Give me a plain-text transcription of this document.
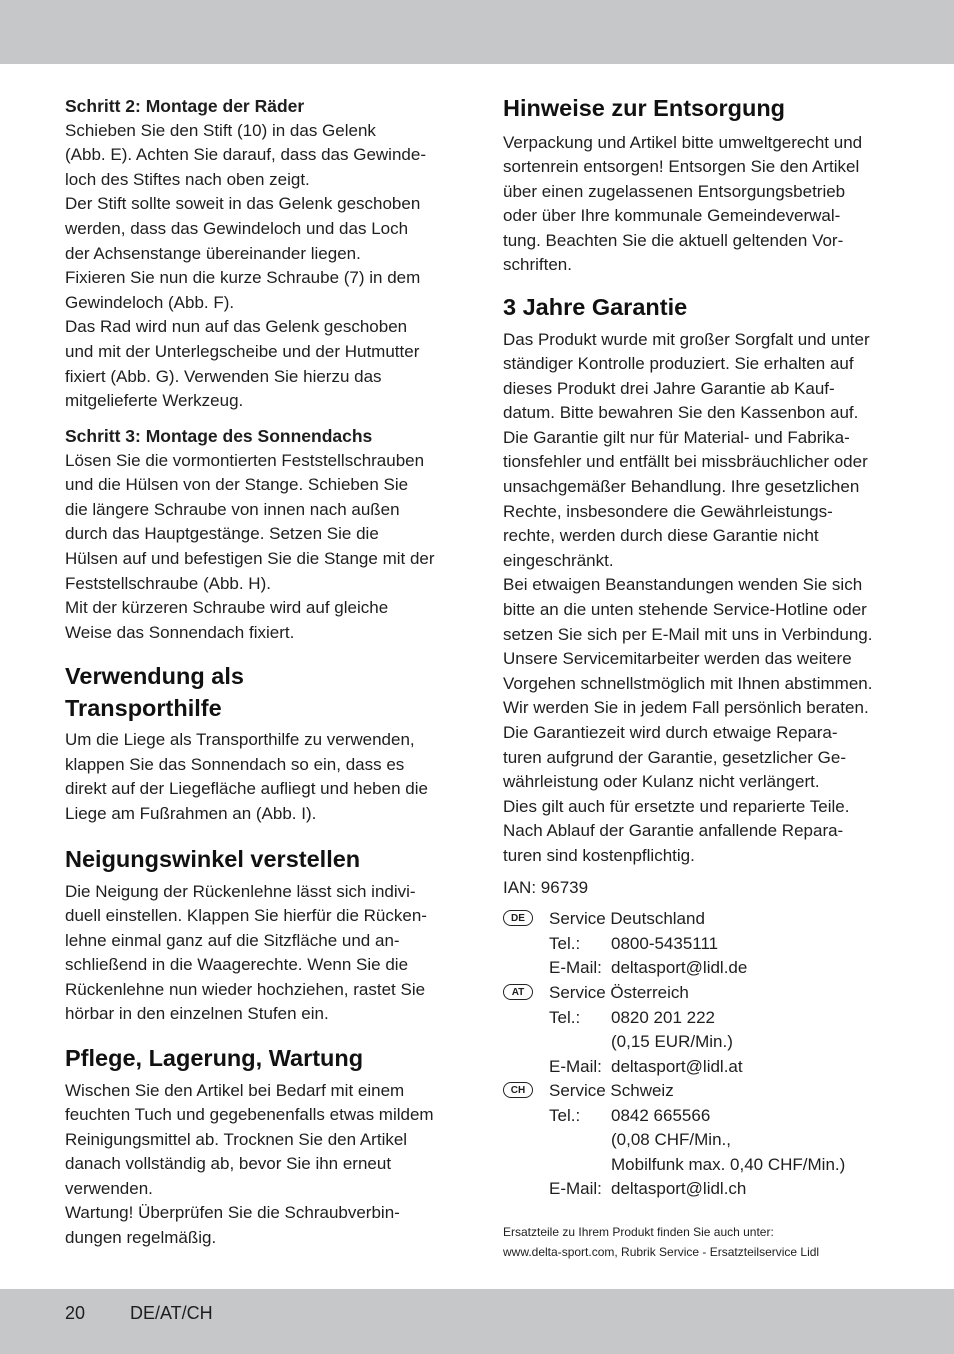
Schritt 2: Montage der Räder

Schieben Sie den Stift (10) in das Gelenk

(Abb. E). Achten Sie darauf, dass das Gewinde-

loch des Stiftes nach oben zeigt.

Der Stift sollte soweit in das Gelenk geschoben

werden, dass das Gewindeloch und das Loch

der Achsenstange übereinander liegen.

Fixieren Sie nun die kurze Schraube (7) in dem

Gewindeloch (Abb. F).

Das Rad wird nun auf das Gelenk geschoben

und mit der Unterlegscheibe und der Hutmutter

fixiert (Abb. G). Verwenden Sie hierzu das

mitgelieferte Werkzeug.

Schritt 3: Montage des Sonnendachs

Lösen Sie die vormontierten Feststellschrauben

und die Hülsen von der Stange. Schieben Sie

die längere Schraube von innen nach außen

durch das Hauptgestänge. Setzen Sie die

Hülsen auf und befestigen Sie die Stange mit der

Feststellschraube (Abb. H).

Mit der kürzeren Schraube wird auf gleiche

Weise das Sonnendach fixiert.

Verwendung als
Transporthilfe

Um die Liege als Transporthilfe zu verwenden,

klappen Sie das Sonnendach so ein, dass es

direkt auf der Liegefläche aufliegt und heben die

Liege am Fußrahmen an (Abb. I).

Neigungswinkel verstellen

Die Neigung der Rückenlehne lässt sich indivi-

duell einstellen. Klappen Sie hierfür die Rücken-

lehne einmal ganz auf die Sitzfläche und an-

schließend in die Waagerechte. Wenn Sie die

Rückenlehne nun wieder hochziehen, rastet Sie

hörbar in den einzelnen Stufen ein.

Pflege, Lagerung, Wartung

Wischen Sie den Artikel bei Bedarf mit einem

feuchten Tuch und gegebenenfalls etwas mildem

Reinigungsmittel ab. Trocknen Sie den Artikel

danach vollständig ab, bevor Sie ihn erneut

verwenden.

Wartung! Überprüfen Sie die Schraubverbin-

dungen regelmäßig.

Hinweise zur Entsorgung

Verpackung und Artikel bitte umweltgerecht und

sortenrein entsorgen! Entsorgen Sie den Artikel

über einen zugelassenen Entsorgungsbetrieb

oder über Ihre kommunale Gemeindeverwal-

tung. Beachten Sie die aktuell geltenden Vor-

schriften.

3 Jahre Garantie

Das Produkt wurde mit großer Sorgfalt und unter

ständiger Kontrolle produziert. Sie erhalten auf

dieses Produkt drei Jahre Garantie ab Kauf-

datum. Bitte bewahren Sie den Kassenbon auf.

Die Garantie gilt nur für Material- und Fabrika-

tionsfehler und entfällt bei missbräuchlicher oder

unsachgemäßer Behandlung. Ihre gesetzlichen

Rechte, insbesondere die Gewährleistungs-

rechte, werden durch diese Garantie nicht

eingeschränkt.

Bei etwaigen Beanstandungen wenden Sie sich

bitte an die unten stehende Service-Hotline oder

setzen Sie sich per E-Mail mit uns in Verbindung.

Unsere Servicemitarbeiter werden das weitere

Vorgehen schnellstmöglich mit Ihnen abstimmen.

Wir werden Sie in jedem Fall persönlich beraten.

Die Garantiezeit wird durch etwaige Repara-

turen aufgrund der Garantie, gesetzlicher Ge-

währleistung oder Kulanz nicht verlängert.

Dies gilt auch für ersetzte und reparierte Teile.

Nach Ablauf der Garantie anfallende Repara-

turen sind kostenpflichtig.

IAN: 96739

DE	Service Deutschland
Tel.: 0800-5435111
E-Mail: deltasport@lidl.de
AT	Service Österreich
Tel.: 0820 201 222
(0,15 EUR/Min.)
E-Mail: deltasport@lidl.at
CH	Service Schweiz
Tel.: 0842 665566
(0,08 CHF/Min.,
Mobilfunk max. 0,40 CHF/Min.)
E-Mail: deltasport@lidl.ch
Ersatzteile zu Ihrem Produkt finden Sie auch unter:
www.delta-sport.com, Rubrik Service - Ersatzteilservice Lidl
20 DE/AT/CH
